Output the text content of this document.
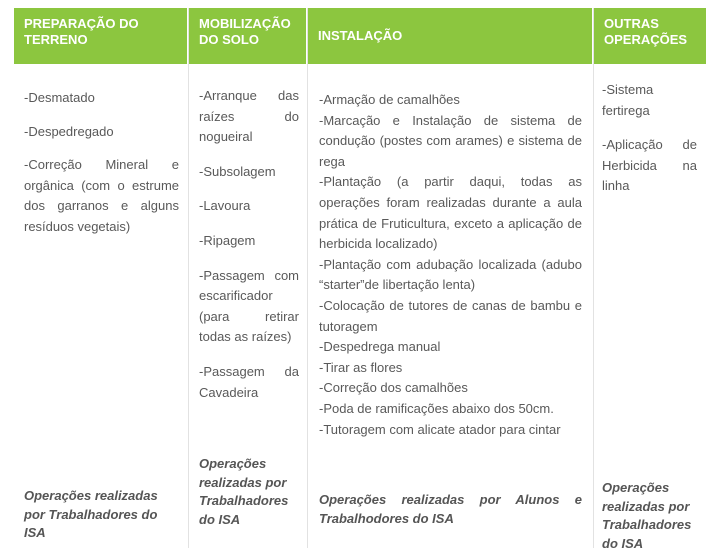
PREPARAÇÃO DO TERRENO
MOBILIZAÇÃO DO SOLO	INSTALAÇÃO
OUTRAS OPERAÇÕES

-Desmatado

-Despedregado

-Correção Mineral e orgânica (com o estrume dos garranos e alguns resíduos vegetais)

-Arranque das raízes do nogueiral

-Subsolagem

-Lavoura

-Ripagem

-Passagem com escarificador (para retirar todas as raízes)

-Passagem da Cavadeira

-Armação de camalhões

-Marcação e Instalação de sistema de condução (postes com arames) e sistema de rega

-Plantação (a partir daqui, todas as operações foram realizadas durante a aula prática de Fruticultura, exceto a aplicação de herbicida localizado)

-Plantação com adubação localizada (adubo “starter”de libertação lenta)

-Colocação de tutores de canas de bambu e tutoragem

-Despedrega manual

-Tirar as flores

-Correção dos camalhões

-Poda de ramificações abaixo dos 50cm.

-Tutoragem com alicate atador para cintar

-Sistema fertirega

-Aplicação de Herbicida na linha

Operações realizadas por Trabalhadores do ISA
Operações realizadas por Trabalhadores do ISA
Operações realizadas por Alunos e Trabalhodores do ISA
Operações realizadas por Trabalhadores do ISA
